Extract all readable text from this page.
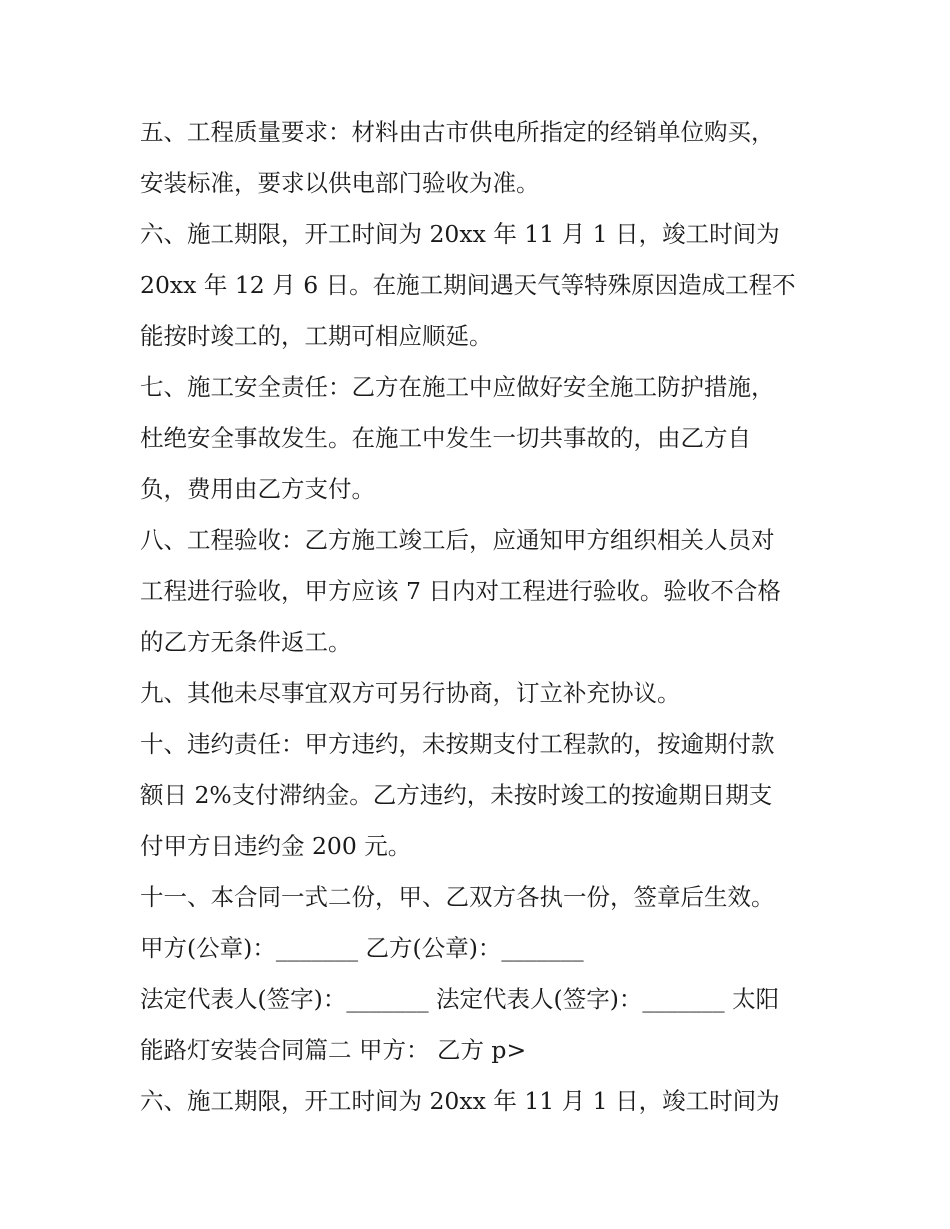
五、工程质量要求：材料由古市供电所指定的经销单位购买，

安装标准，要求以供电部门验收为准。

六、施工期限，开工时间为 20xx 年 11 月 1 日，竣工时间为

20xx 年 12 月 6 日。在施工期间遇天气等特殊原因造成工程不

能按时竣工的，工期可相应顺延。

七、施工安全责任：乙方在施工中应做好安全施工防护措施，

杜绝安全事故发生。在施工中发生一切共事故的，由乙方自

负，费用由乙方支付。

八、工程验收：乙方施工竣工后，应通知甲方组织相关人员对

工程进行验收，甲方应该 7 日内对工程进行验收。验收不合格

的乙方无条件返工。

九、其他未尽事宜双方可另行协商，订立补充协议。

十、违约责任：甲方违约，未按期支付工程款的，按逾期付款

额日 2%支付滞纳金。乙方违约，未按时竣工的按逾期日期支

付甲方日违约金 200 元。

十一、本合同一式二份，甲、乙双方各执一份，签章后生效。

甲方(公章)：_______ 乙方(公章)：_______

法定代表人(签字)：_______ 法定代表人(签字)：_______ 太阳

能路灯安装合同篇二 甲方： 乙方 p>

六、施工期限，开工时间为 20xx 年 11 月 1 日，竣工时间为
